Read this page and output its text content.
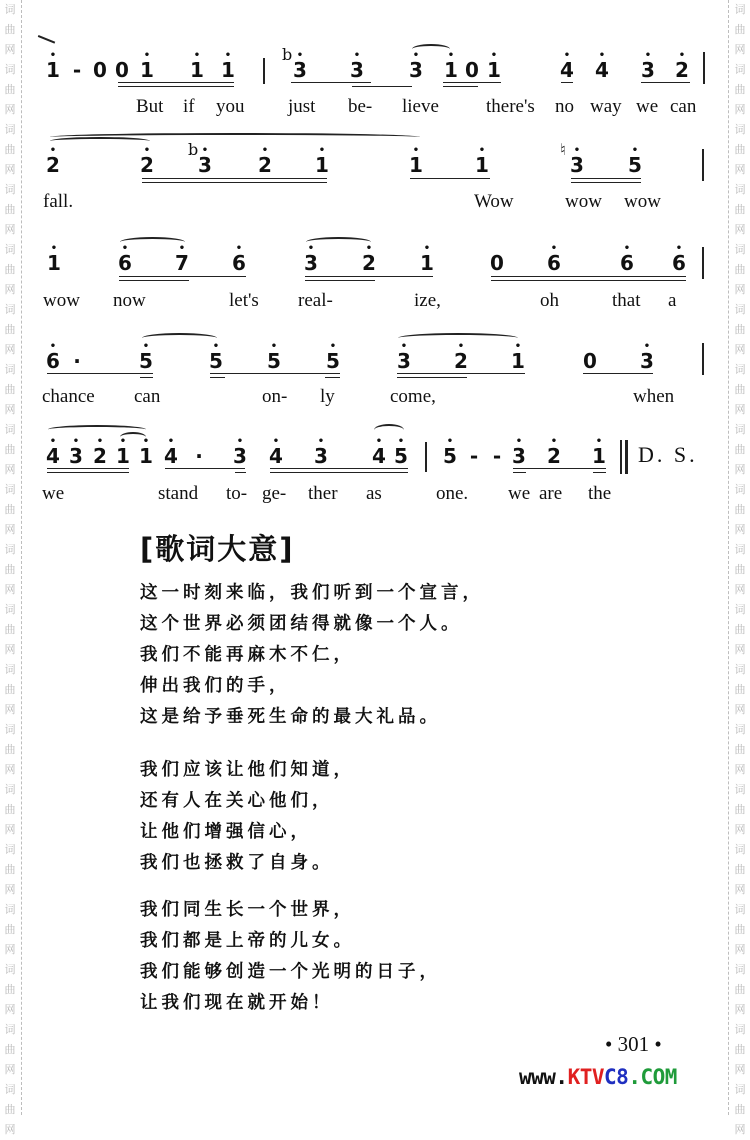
词
曲
网
词
曲
网
词
曲
网
词
曲
网
词
曲
网
词
曲
网
词
曲
网
词
曲
网
词
曲
网
词
曲
网
词
曲
网
词
曲
网
词
曲
网
词
曲
网
词
曲
网
词
曲
网
词
曲
网
词
曲
网
词
曲
网
词
曲
网
词
曲
网
词
曲
网
词
曲
网
词
曲
网
词
曲
网
词
曲
网
词
曲
网
词
曲
网
词
曲
网
词
曲
网
词
曲
网
词
曲
网
词
曲
网
词
曲
网
词
曲
网
词
曲
网
词
曲
网
词
曲
网
1
•
- 0 0 1
•
1
•
1
•	b
3
•
3
•
3
•
1
•
0 1
•
4
•
4
•
3
•
2
•
But if you just be- lieve there's no way we can
2
•
2
• b
3
•
2
•
1
•
1
•
1
•	♮
3
•
5
•
fall.	Wow	wow wow
1
•
6
•
7
•
6
•
3
•
2
•
1
•
0 6
•
6
•
6
•
wow now	let's real-	ize,	oh	that a
6
•
·	5
•
5
•
5
•
5
•
3
•
2
•
1
•
0 3
•
chance can	on- ly	come,	when
4
•
3
•
2
•
1
•
1
•
4
•
· 3
•
4
•
3
•
4
•
5
•
5
•
- - 3
•
2
•
1
•
D. S.
we	stand to- ge- ther as	one. we are the
[歌词大意]
这一时刻来临，我们听到一个宣言，
这个世界必须团结得就像一个人。
我们不能再麻木不仁，
伸出我们的手，
这是给予垂死生命的最大礼品。
我们应该让他们知道，
还有人在关心他们，
让他们增强信心，
我们也拯救了自身。
我们同生长一个世界，
我们都是上帝的儿女。
我们能够创造一个光明的日子，
让我们现在就开始！
• 301 •
www.KTVC8.COM
